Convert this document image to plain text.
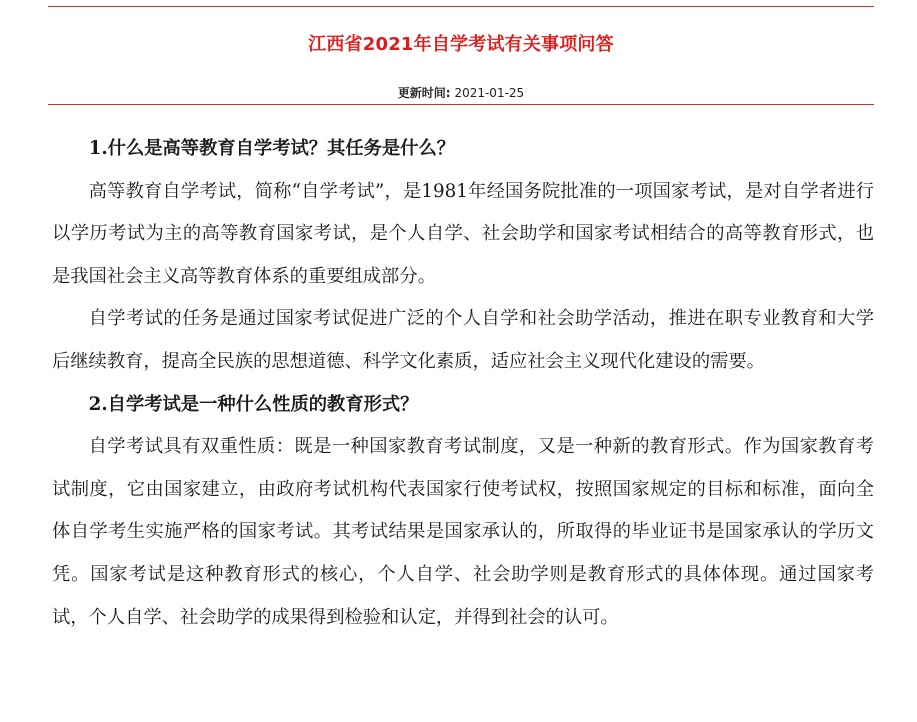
江西省2021年自学考试有关事项问答
更新时间: 2021-01-25

1.什么是高等教育自学考试？其任务是什么？

高等教育自学考试，简称“自学考试”，是1981年经国务院批准的一项国家考试，是对自学者进行以学历考试为主的高等教育国家考试，是个人自学、社会助学和国家考试相结合的高等教育形式，也是我国社会主义高等教育体系的重要组成部分。

自学考试的任务是通过国家考试促进广泛的个人自学和社会助学活动，推进在职专业教育和大学后继续教育，提高全民族的思想道德、科学文化素质，适应社会主义现代化建设的需要。

2.自学考试是一种什么性质的教育形式？

自学考试具有双重性质：既是一种国家教育考试制度，又是一种新的教育形式。作为国家教育考试制度，它由国家建立，由政府考试机构代表国家行使考试权，按照国家规定的目标和标准，面向全体自学考生实施严格的国家考试。其考试结果是国家承认的，所取得的毕业证书是国家承认的学历文凭。国家考试是这种教育形式的核心，个人自学、社会助学则是教育形式的具体体现。通过国家考试，个人自学、社会助学的成果得到检验和认定，并得到社会的认可。
